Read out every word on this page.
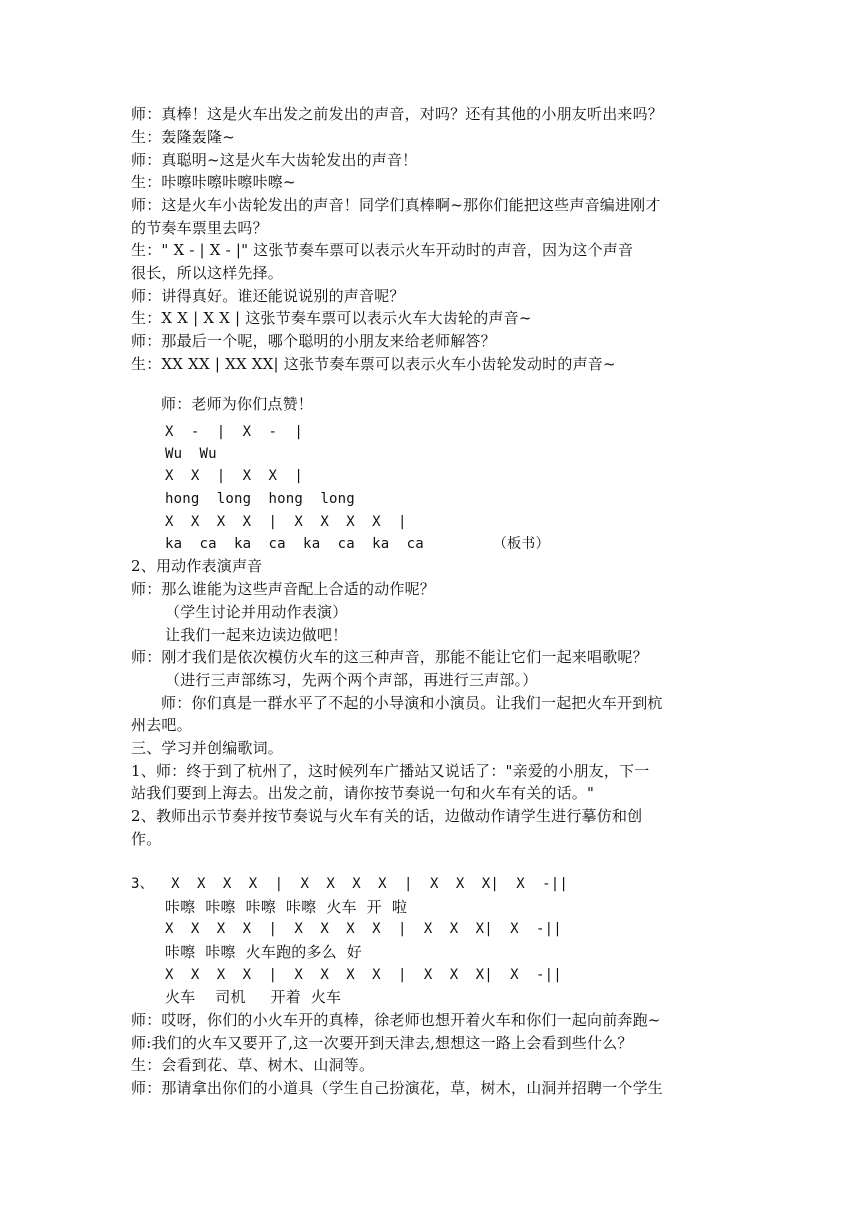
师：真棒！这是火车出发之前发出的声音，对吗？还有其他的小朋友听出来吗？
生：轰隆轰隆~
师：真聪明~这是火车大齿轮发出的声音！
生：咔嚓咔嚓咔嚓咔嚓~
师：这是火车小齿轮发出的声音！同学们真棒啊~那你们能把这些声音编进刚才
的节奏车票里去吗？
生：" X - | X - |" 这张节奏车票可以表示火车开动时的声音，因为这个声音
很长，所以这样先择。
师：讲得真好。谁还能说说别的声音呢？
生：X X | X X | 这张节奏车票可以表示火车大齿轮的声音~
师：那最后一个呢，哪个聪明的小朋友来给老师解答？
生：XX XX | XX XX| 这张节奏车票可以表示火车小齿轮发动时的声音~
师：老师为你们点赞！
X  -  |  X  -  |
Wu  Wu
X  X  |  X  X  |
hong  long  hong  long
X  X  X  X  |  X  X  X  X  |
ka  ca  ka  ca  ka  ca  ka  ca        （板书）
2、用动作表演声音
师：那么谁能为这些声音配上合适的动作呢？
（学生讨论并用动作表演）
让我们一起来边读边做吧！
师：刚才我们是依次模仿火车的这三种声音，那能不能让它们一起来唱歌呢？
（进行三声部练习，先两个两个声部，再进行三声部。）
师：你们真是一群水平了不起的小导演和小演员。让我们一起把火车开到杭
州去吧。
三、学习并创编歌词。
1、师：终于到了杭州了，这时候列车广播站又说话了："亲爱的小朋友，下一
站我们要到上海去。出发之前，请你按节奏说一句和火车有关的话。"
2、教师出示节奏并按节奏说与火车有关的话，边做动作请学生进行摹仿和创
作。
3、  X  X  X  X  |  X  X  X  X  |  X  X  X|  X  -||
咔嚓  咔嚓  咔嚓  咔嚓  火车  开  啦
X  X  X  X  |  X  X  X  X  |  X  X  X|  X  -||
咔嚓  咔嚓  火车跑的多么  好
X  X  X  X  |  X  X  X  X  |  X  X  X|  X  -||
火车    司机     开着  火车
师：哎呀，你们的小火车开的真棒，徐老师也想开着火车和你们一起向前奔跑~
师:我们的火车又要开了,这一次要开到天津去,想想这一路上会看到些什么？
生：会看到花、草、树木、山洞等。
师：那请拿出你们的小道具（学生自己扮演花，草，树木，山洞并招聘一个学生
